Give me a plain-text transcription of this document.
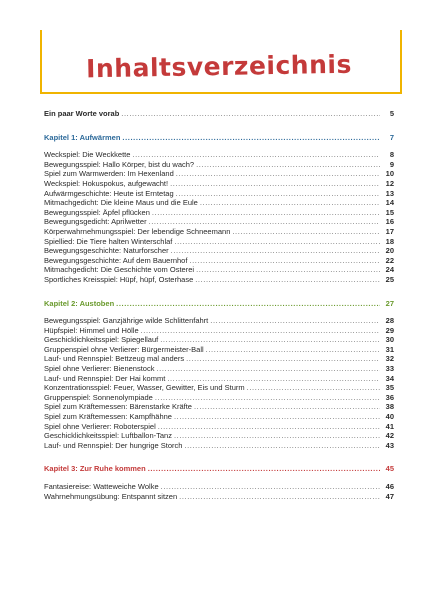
Inhaltsverzeichnis
Ein paar Worte vorab .....	5
Kapitel 1: Aufwärmen .....	7
Weckspiel: Die Weckkette .....	8
Bewegungsspiel: Hallo Körper, bist du wach? .....	9
Spiel zum Warmwerden: Im Hexenland .....	10
Weckspiel: Hokuspokus, aufgewacht! .....	12
Aufwärmgeschichte: Heute ist Erntetag .....	13
Mitmachgedicht: Die kleine Maus und die Eule .....	14
Bewegungsspiel: Äpfel pflücken .....	15
Bewegungsgedicht: Aprilwetter .....	16
Körperwahrnehmungsspiel: Der lebendige Schneemann .....	17
Spiellied: Die Tiere halten Winterschlaf .....	18
Bewegungsgeschichte: Naturforscher .....	20
Bewegungsgeschichte: Auf dem Bauernhof .....	22
Mitmachgedicht: Die Geschichte vom Osterei .....	24
Sportliches Kreisspiel: Hüpf, hüpf, Osterhase .....	25
Kapitel 2: Austoben .....	27
Bewegungsspiel: Ganzjährige wilde Schlittenfahrt .....	28
Hüpfspiel: Himmel und Hölle .....	29
Geschicklichkeitsspiel: Spiegellauf .....	30
Gruppenspiel ohne Verlierer: Bürgermeister-Ball .....	31
Lauf- und Rennspiel: Bettzeug mal anders .....	32
Spiel ohne Verlierer: Bienenstock .....	33
Lauf- und Rennspiel: Der Hai kommt .....	34
Konzentrationsspiel: Feuer, Wasser, Gewitter, Eis und Sturm .....	35
Gruppenspiel: Sonnenolympiade .....	36
Spiel zum Kräftemessen: Bärenstarke Kräfte .....	38
Spiel zum Kräftemessen: Kampfhähne .....	40
Spiel ohne Verlierer: Roboterspiel .....	41
Geschicklichkeitsspiel: Luftballon-Tanz .....	42
Lauf- und Rennspiel: Der hungrige Storch .....	43
Kapitel 3: Zur Ruhe kommen .....	45
Fantasiereise: Watteweiche Wolke .....	46
Wahrnehmungsübung: Entspannt sitzen .....	47
